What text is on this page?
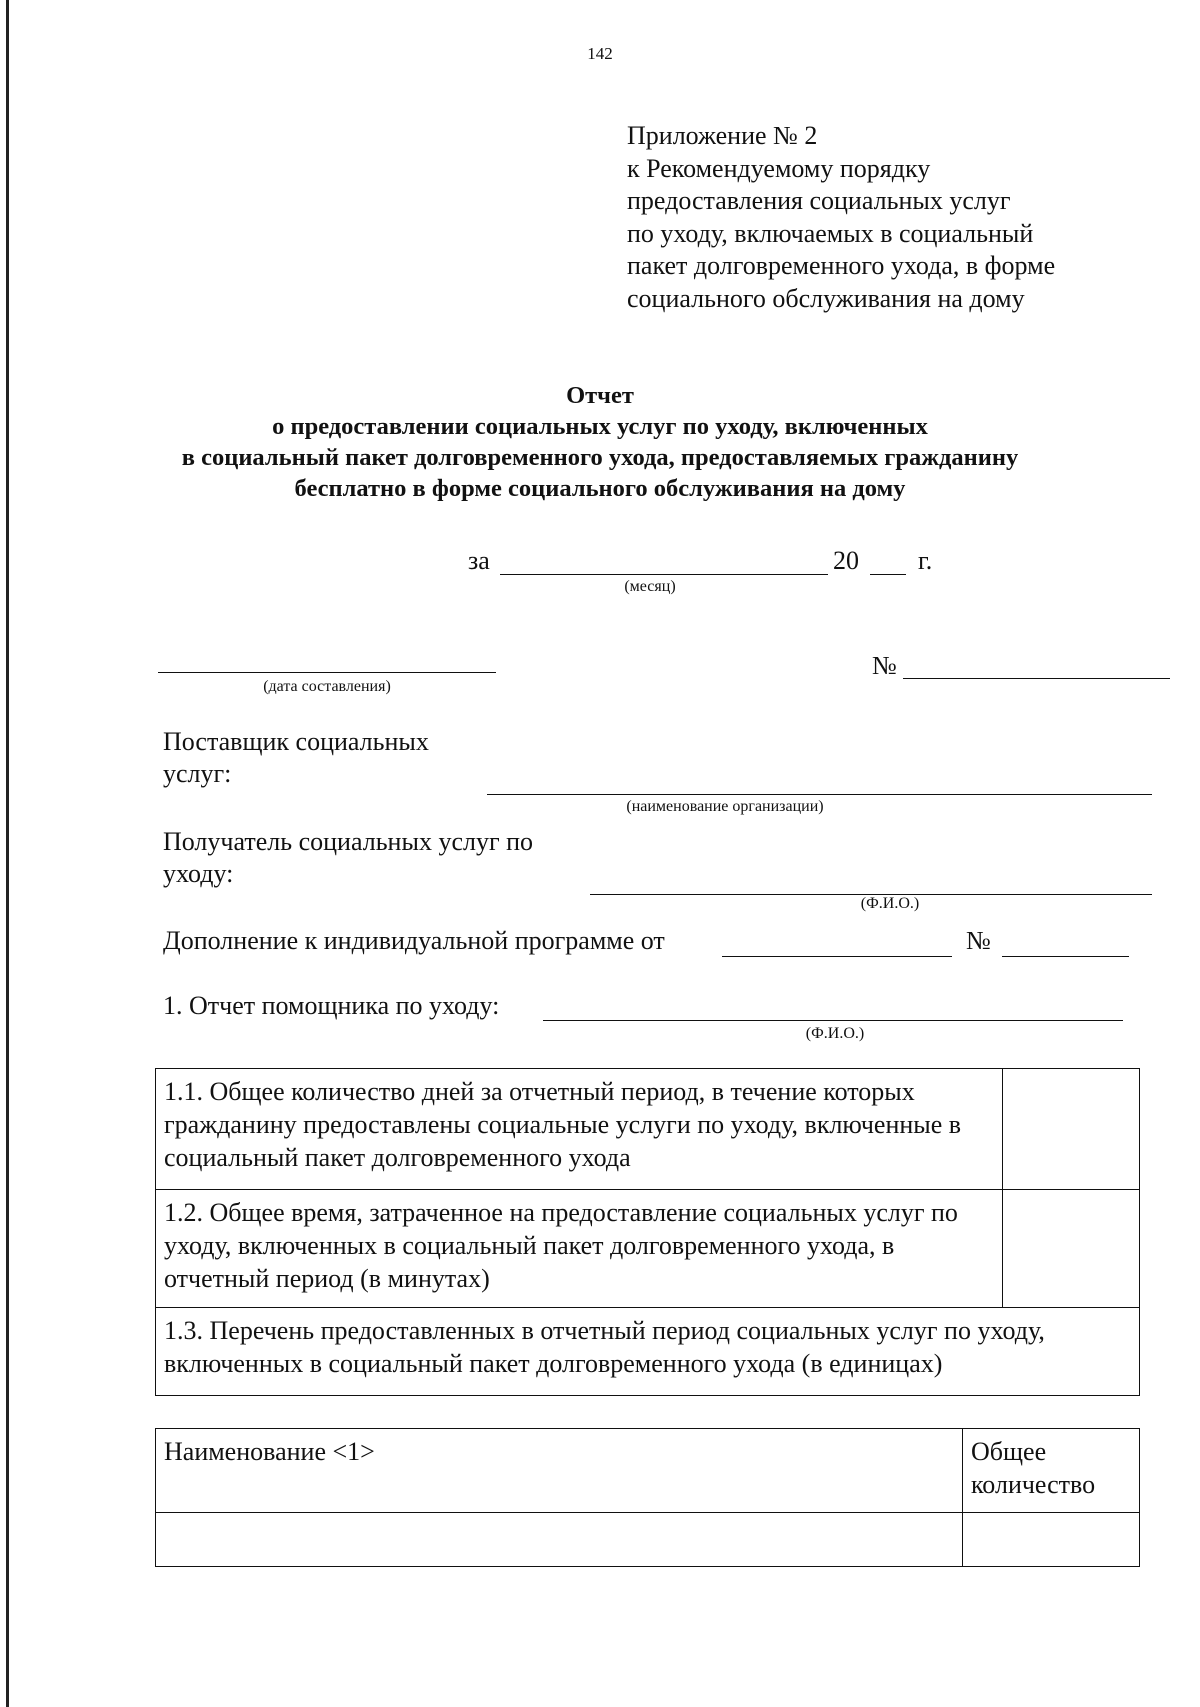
142
Приложение № 2
к Рекомендуемому порядку
предоставления социальных услуг
по уходу, включаемых в социальный
пакет долговременного ухода, в форме
социального обслуживания на дому
Отчет
о предоставлении социальных услуг по уходу, включенных
в социальный пакет долговременного ухода, предоставляемых гражданину
бесплатно в форме социального обслуживания на дому
за	20 г.
(месяц)
(дата составления)
№
Поставщик социальных
услуг:
(наименование организации)
Получатель социальных услуг по
уходу:
(Ф.И.О.)
Дополнение к индивидуальной программе от	№
1. Отчет помощника по уходу:
(Ф.И.О.)
1.1. Общее количество дней за отчетный период, в течение которых гражданину предоставлены социальные услуги по уходу, включенные в социальный пакет долговременного ухода	
1.2. Общее время, затраченное на предоставление социальных услуг по уходу, включенных в социальный пакет долговременного ухода, в отчетный период (в минутах)	
1.3. Перечень предоставленных в отчетный период социальных услуг по уходу, включенных в социальный пакет долговременного ухода (в единицах)	
Наименование <1>	Общее количество
